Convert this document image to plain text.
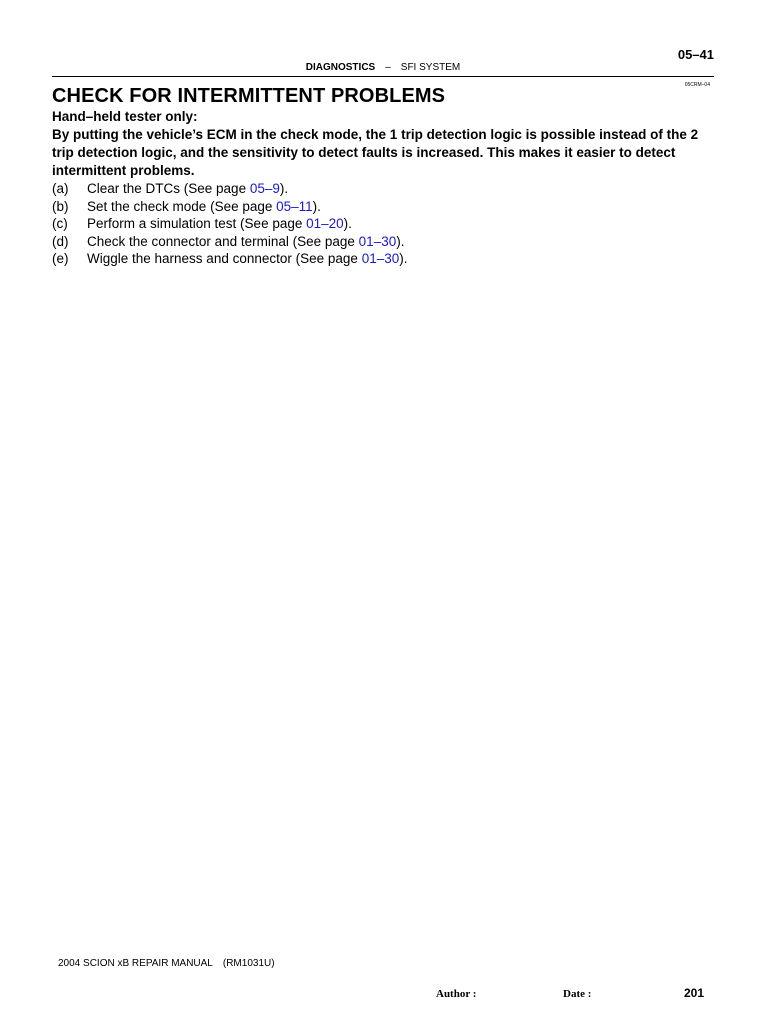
05–41
DIAGNOSTICS – SFI SYSTEM
05CRM–04
CHECK FOR INTERMITTENT PROBLEMS
Hand–held tester only:
By putting the vehicle’s ECM in the check mode, the 1 trip detection logic is possible instead of the 2 trip detection logic, and the sensitivity to detect faults is increased. This makes it easier to detect intermittent problems.
(a)	Clear the DTCs (See page 05–9).
(b)	Set the check mode (See page 05–11).
(c)	Perform a simulation test (See page 01–20).
(d)	Check the connector and terminal (See page 01–30).
(e)	Wiggle the harness and connector (See page 01–30).
2004 SCION xB REPAIR MANUAL (RM1031U)
Author :	Date :	201
